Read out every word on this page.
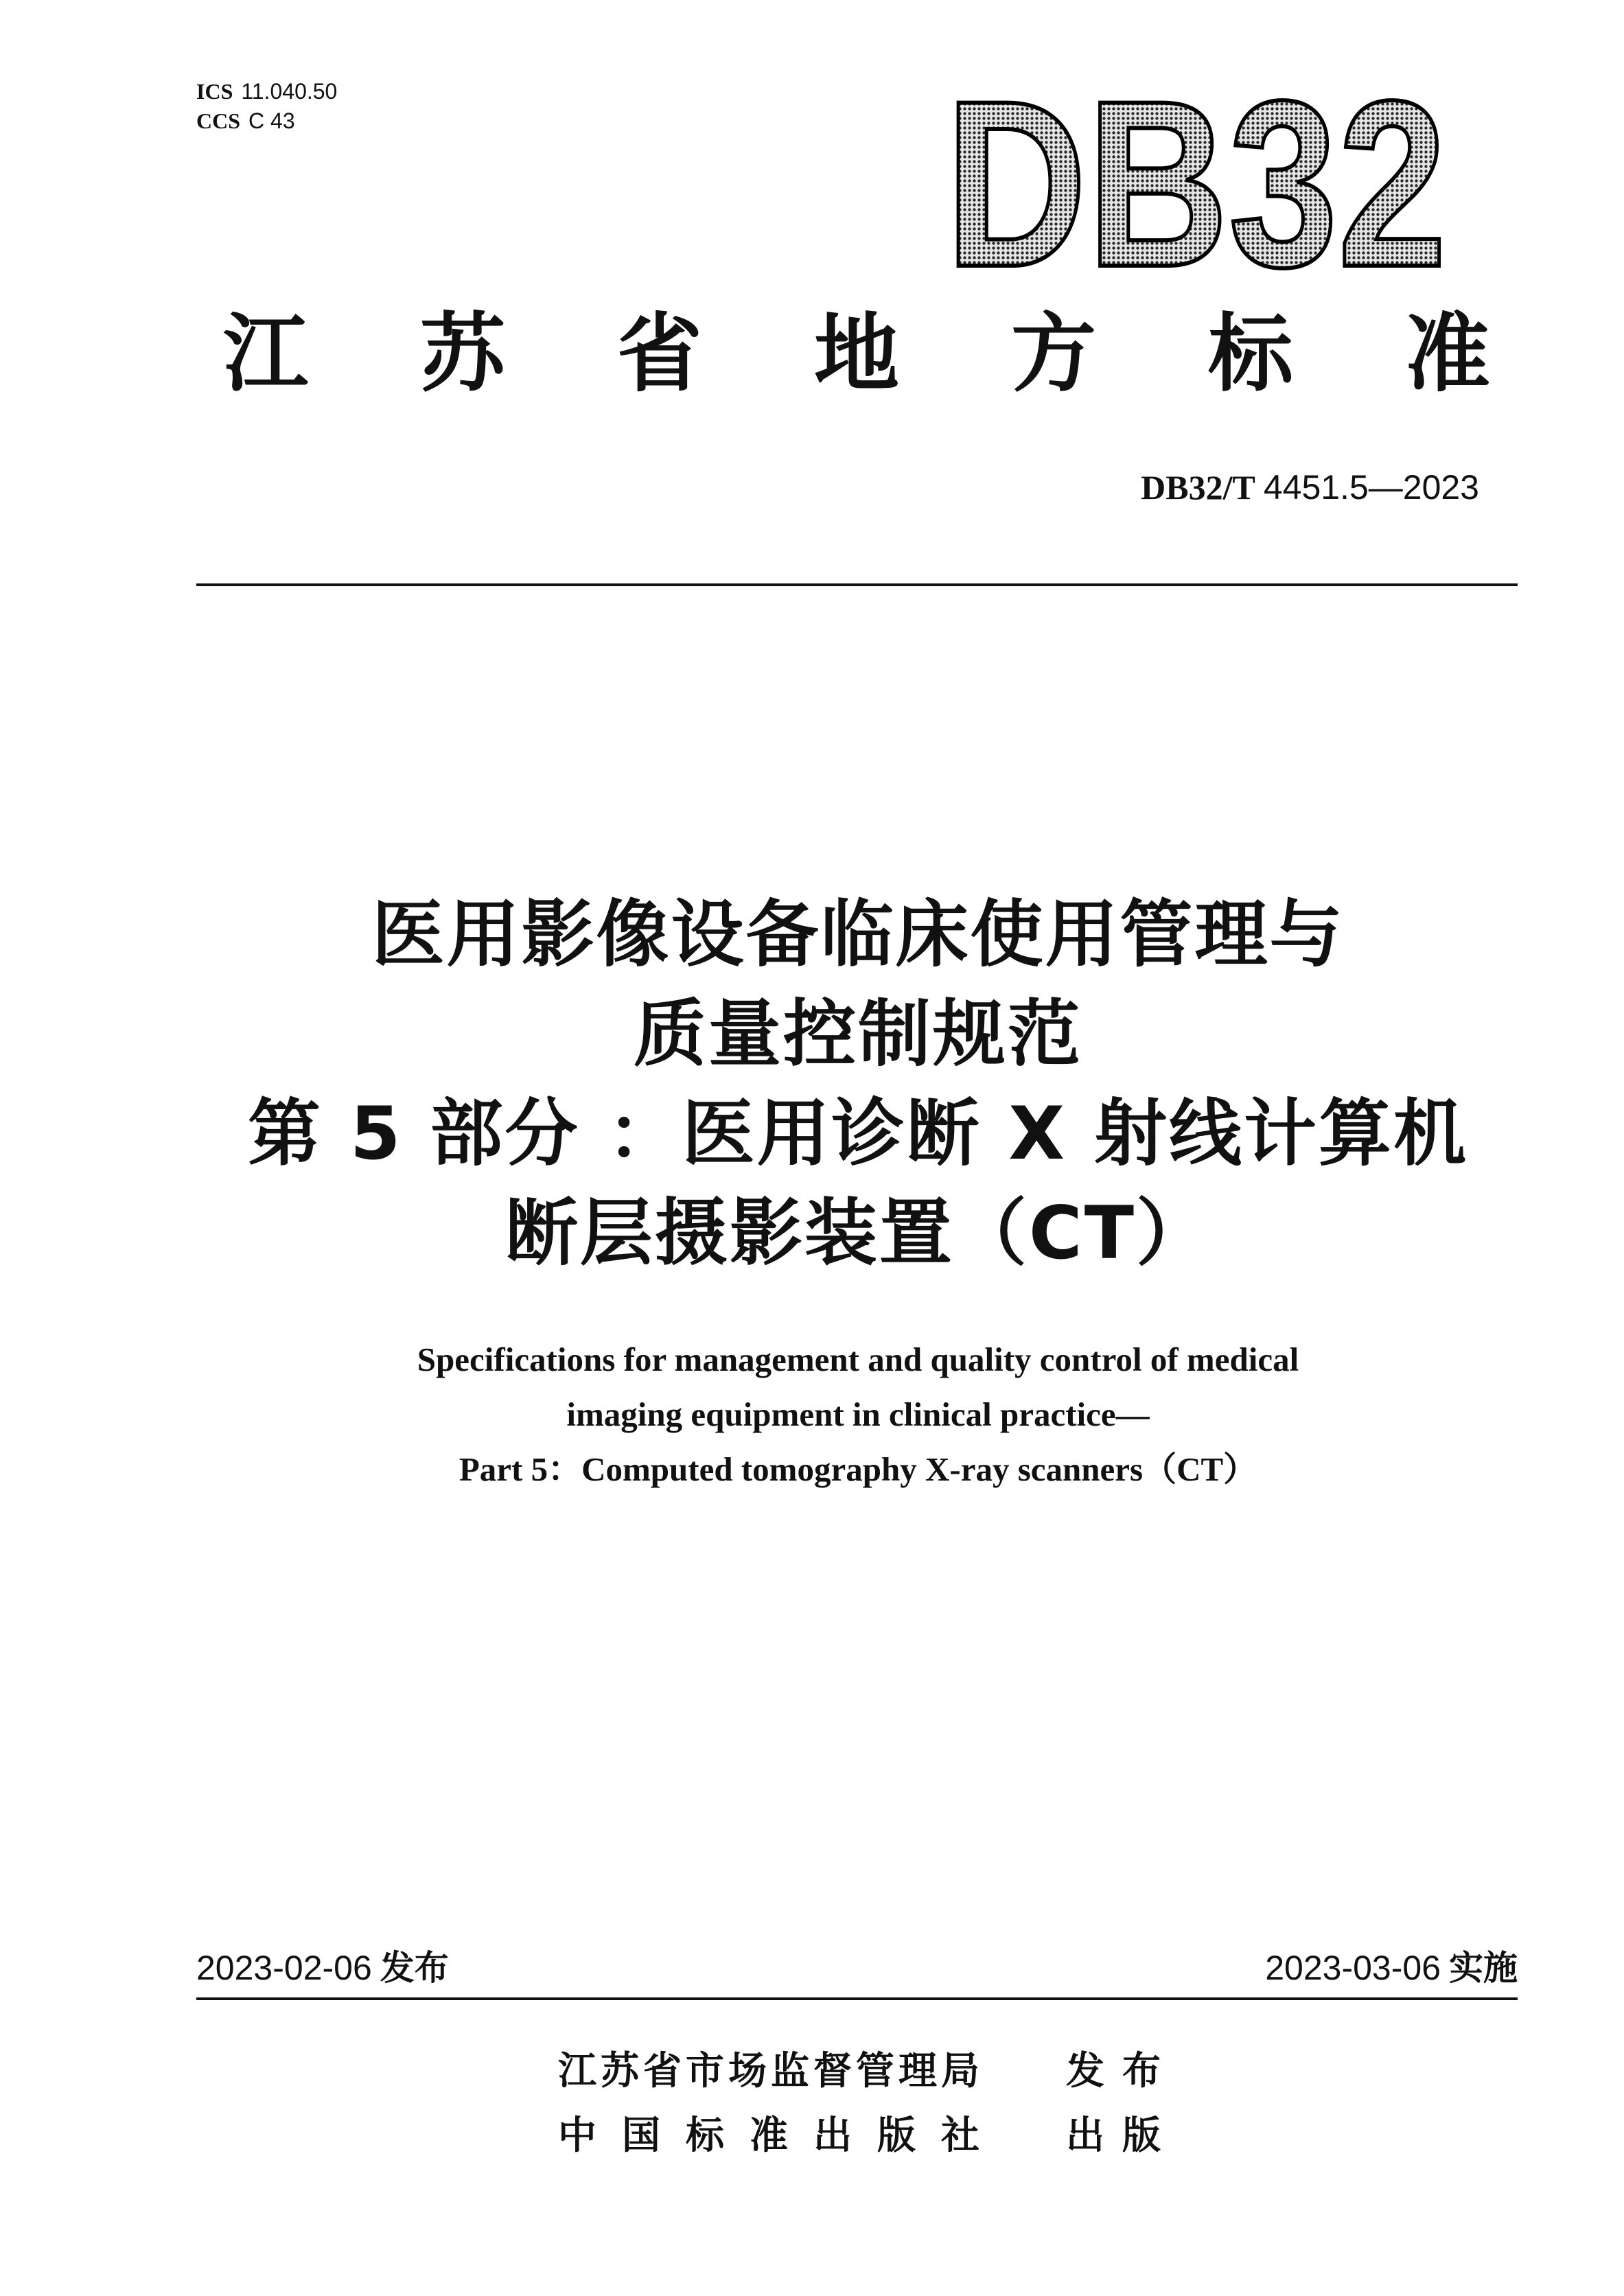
ICS 11.040.50
CCS C 43	DB32
江苏省地方标准
DB32/T 4451.5—2023
医用影像设备临床使用管理与
质量控制规范
第 5 部分 ：医用诊断 X 射线计算机
断层摄影装置（CT）
Specifications for management and quality control of medical
imaging equipment in clinical practice—
Part 5：Computed tomography X-ray scanners（CT）
2023-02-06 发布	2023-03-06 实施
江苏省市场监督管理局 发布
中国标准出版社 出版
